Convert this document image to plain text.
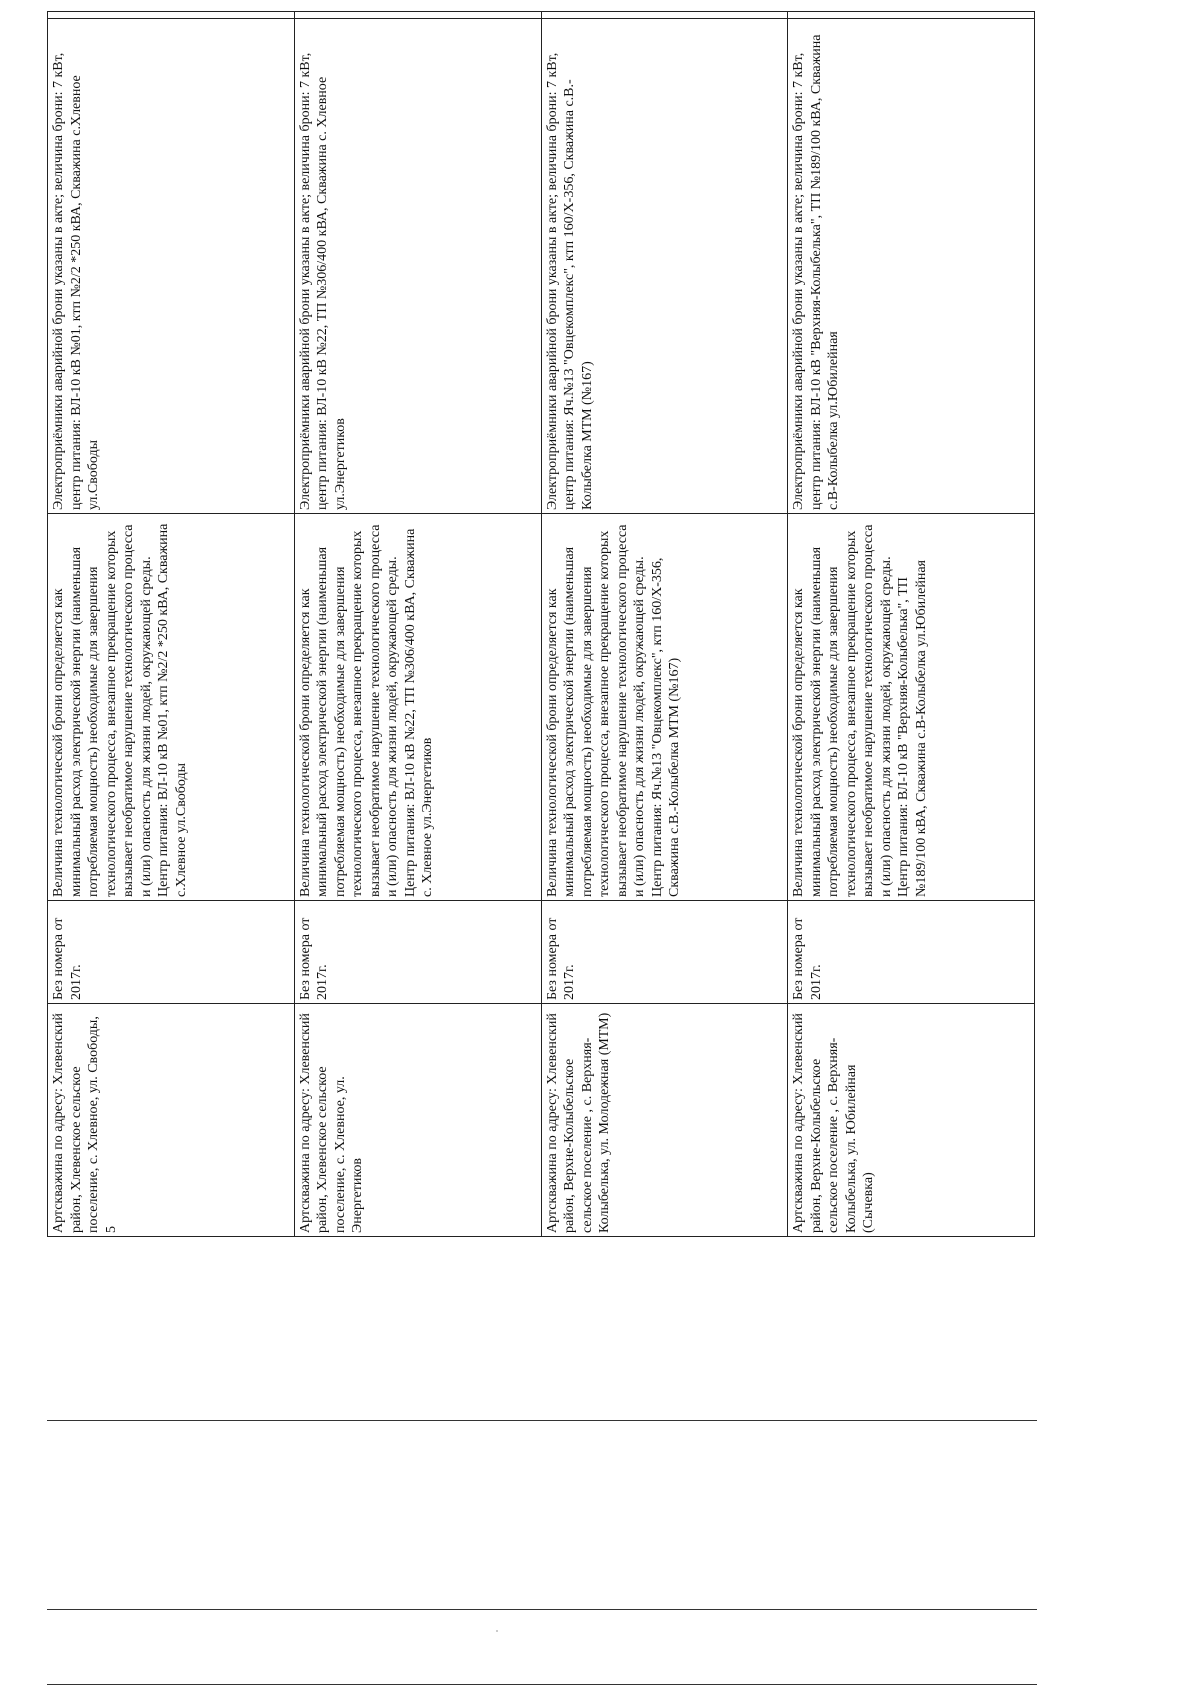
Артскважина по адресу: Хлевенский район, Хлевенское сельское поселение, с. Хлевное, ул. Свободы, 5	Без номера от 2017г.	Величина технологической брони определяется как минимальный расход электрической энергии (наименьшая потребляемая мощность) необходимые для завершения технологического процесса, внезапное прекращение которых вызывает необратимое нарушение технологического процесса и (или) опасность для жизни людей, окружающей среды. Центр питания: ВЛ-10 кВ №01, ктп №2/2 *250 кВА, Скважина с.Хлевное ул.Свободы	Электроприёмники аварийной брони указаны в акте; величина брони: 7 кВт, центр питания: ВЛ-10 кВ №01, ктп №2/2 *250 кВА, Скважина с.Хлевное ул.Свободы	
Артскважина по адресу: Хлевенский район, Хлевенское сельское поселение, с. Хлевное, ул. Энергетиков	Без номера от 2017г.	Величина технологической брони определяется как минимальный расход электрической энергии (наименьшая потребляемая мощность) необходимые для завершения технологического процесса, внезапное прекращение которых вызывает необратимое нарушение технологического процесса и (или) опасность для жизни людей, окружающей среды. Центр питания: ВЛ-10 кВ №22, ТП №306/400 кВА, Скважина с. Хлевное ул.Энергетиков	Электроприёмники аварийной брони указаны в акте; величина брони: 7 кВт, центр питания: ВЛ-10 кВ №22, ТП №306/400 кВА, Скважина с. Хлевное ул.Энергетиков	
Артскважина по адресу: Хлевенский район, Верхне-Колыбельское сельское поселение , с. Верхняя-Колыбелька, ул. Молодежная (МТМ)	Без номера от 2017г.	Величина технологической брони определяется как минимальный расход электрической энергии (наименьшая потребляемая мощность) необходимые для завершения технологического процесса, внезапное прекращение которых вызывает необратимое нарушение технологического процесса и (или) опасность для жизни людей, окружающей среды. Центр питания: Яч.№13 "Овцекомплекс", ктп 160/Х-356, Скважина с.В.-Колыбелка МТМ (№167)	Электроприёмники аварийной брони указаны в акте; величина брони: 7 кВт, центр питания: Яч.№13 "Овцекомплекс", ктп 160/Х-356, Скважина с.В.-Колыбелка МТМ (№167)	
Артскважина по адресу: Хлевенский район, Верхне-Колыбельское сельское поселение , с. Верхняя-Колыбелька, ул. Юбилейная (Сычевка)	Без номера от 2017г.	Величина технологической брони определяется как минимальный расход электрической энергии (наименьшая потребляемая мощность) необходимые для завершения технологического процесса, внезапное прекращение которых вызывает необратимое нарушение технологического процесса и (или) опасность для жизни людей, окружающей среды. Центр питания: ВЛ-10 кВ "Верхняя-Колыбелька", ТП №189/100 кВА, Скважина с.В-Колыбелка ул.Юбилейная	Электроприёмники аварийной брони указаны в акте; величина брони: 7 кВт, центр питания: ВЛ-10 кВ "Верхняя-Колыбелька", ТП №189/100 кВА, Скважина с.В-Колыбелка ул.Юбилейная	
